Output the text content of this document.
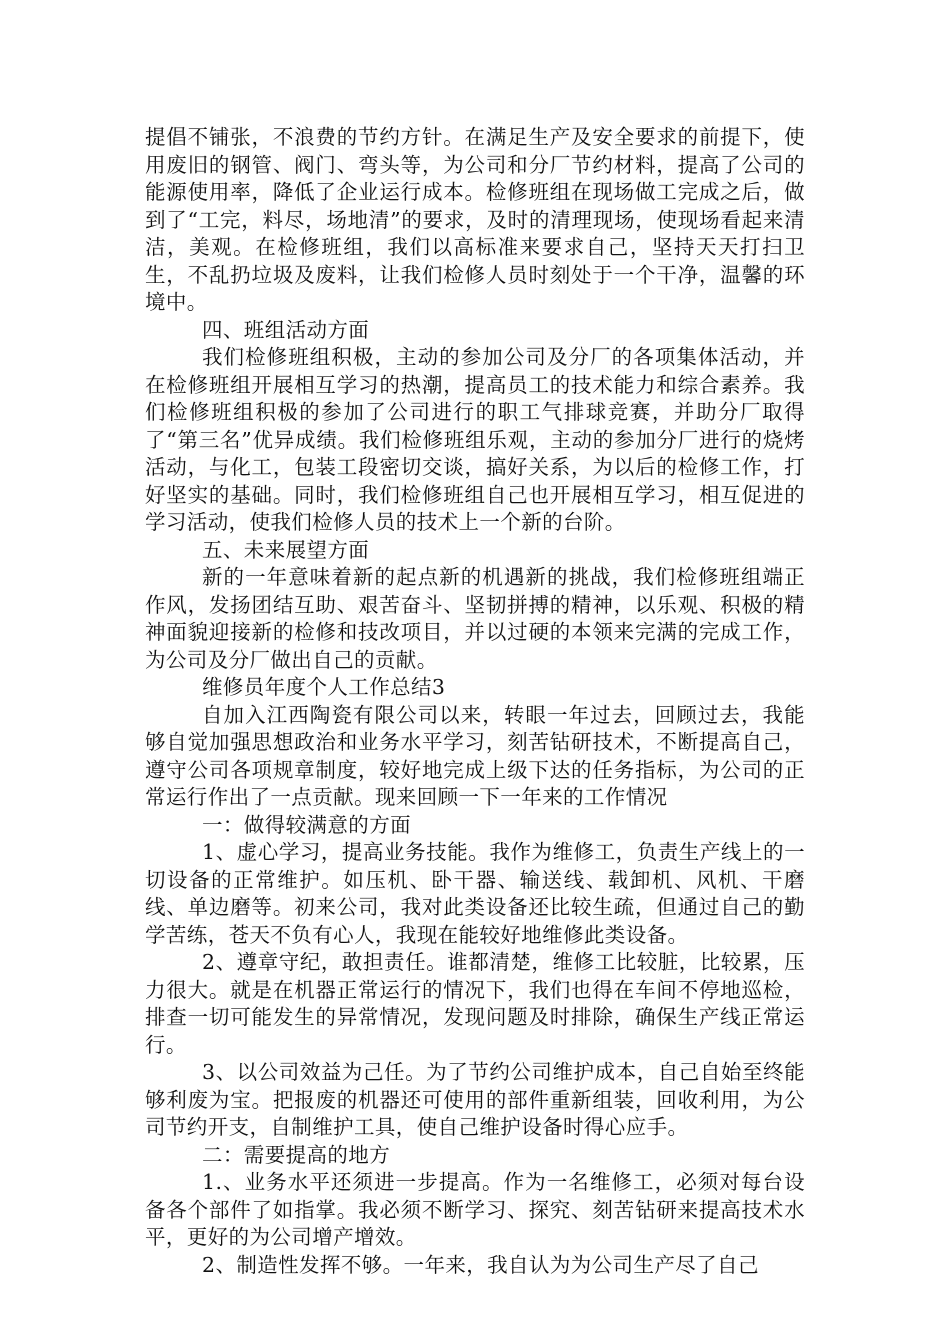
提倡不铺张，不浪费的节约方针。在满足生产及安全要求的前提下，使用废旧的钢管、阀门、弯头等，为公司和分厂节约材料，提高了公司的能源使用率，降低了企业运行成本。检修班组在现场做工完成之后，做到了“工完，料尽，场地清”的要求，及时的清理现场，使现场看起来清洁，美观。在检修班组，我们以高标准来要求自己，坚持天天打扫卫生，不乱扔垃圾及废料，让我们检修人员时刻处于一个干净，温馨的环境中。

四、班组活动方面

我们检修班组积极，主动的参加公司及分厂的各项集体活动，并在检修班组开展相互学习的热潮，提高员工的技术能力和综合素养。我们检修班组积极的参加了公司进行的职工气排球竞赛，并助分厂取得了“第三名”优异成绩。我们检修班组乐观，主动的参加分厂进行的烧烤活动，与化工，包装工段密切交谈，搞好关系，为以后的检修工作，打好坚实的基础。同时，我们检修班组自己也开展相互学习，相互促进的学习活动，使我们检修人员的技术上一个新的台阶。

五、未来展望方面

新的一年意味着新的起点新的机遇新的挑战，我们检修班组端正作风，发扬团结互助、艰苦奋斗、坚韧拼搏的精神，以乐观、积极的精神面貌迎接新的检修和技改项目，并以过硬的本领来完满的完成工作，为公司及分厂做出自己的贡献。

维修员年度个人工作总结3

自加入江西陶瓷有限公司以来，转眼一年过去，回顾过去，我能够自觉加强思想政治和业务水平学习，刻苦钻研技术，不断提高自己，遵守公司各项规章制度，较好地完成上级下达的任务指标，为公司的正常运行作出了一点贡献。现来回顾一下一年来的工作情况

一：做得较满意的方面

1、虚心学习，提高业务技能。我作为维修工，负责生产线上的一切设备的正常维护。如压机、卧干器、输送线、载卸机、风机、干磨线、单边磨等。初来公司，我对此类设备还比较生疏，但通过自己的勤学苦练，苍天不负有心人，我现在能较好地维修此类设备。

2、遵章守纪，敢担责任。谁都清楚，维修工比较脏，比较累，压力很大。就是在机器正常运行的情况下，我们也得在车间不停地巡检，排查一切可能发生的异常情况，发现问题及时排除，确保生产线正常运行。

3、以公司效益为己任。为了节约公司维护成本，自己自始至终能够利废为宝。把报废的机器还可使用的部件重新组装，回收利用，为公司节约开支，自制维护工具，使自己维护设备时得心应手。

二：需要提高的地方

1.、业务水平还须进一步提高。作为一名维修工，必须对每台设备各个部件了如指掌。我必须不断学习、探究、刻苦钻研来提高技术水平，更好的为公司增产增效。

2、制造性发挥不够。一年来，我自认为为公司生产尽了自己
